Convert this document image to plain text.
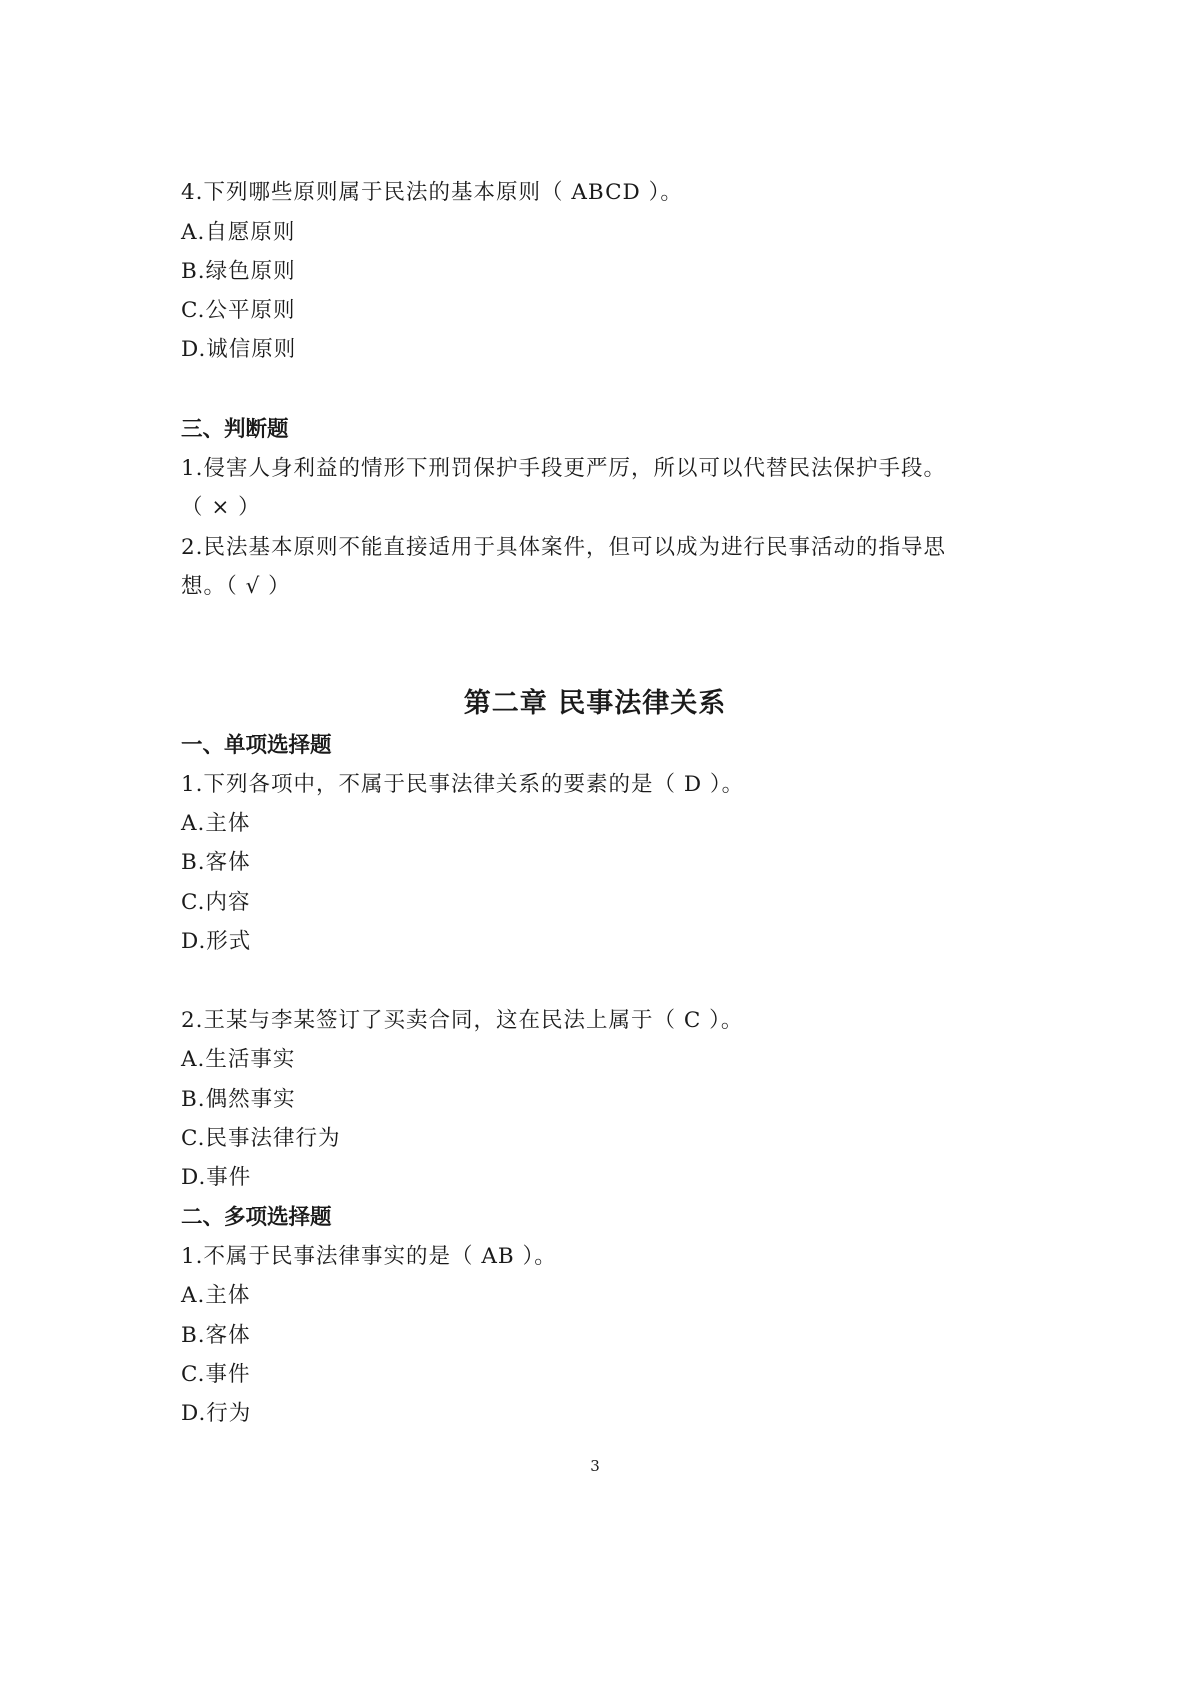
4.下列哪些原则属于民法的基本原则（ ABCD ）。
A.自愿原则
B.绿色原则
C.公平原则
D.诚信原则
三、判断题
1.侵害人身利益的情形下刑罚保护手段更严厉，所以可以代替民法保护手段。
（ × ）
2.民法基本原则不能直接适用于具体案件，但可以成为进行民事活动的指导思
想。（ √ ）
第二章 民事法律关系
一、单项选择题
1.下列各项中，不属于民事法律关系的要素的是（ D ）。
A.主体
B.客体
C.内容
D.形式
2.王某与李某签订了买卖合同，这在民法上属于（ C ）。
A.生活事实
B.偶然事实
C.民事法律行为
D.事件
二、多项选择题
1.不属于民事法律事实的是（ AB ）。
A.主体
B.客体
C.事件
D.行为
3
